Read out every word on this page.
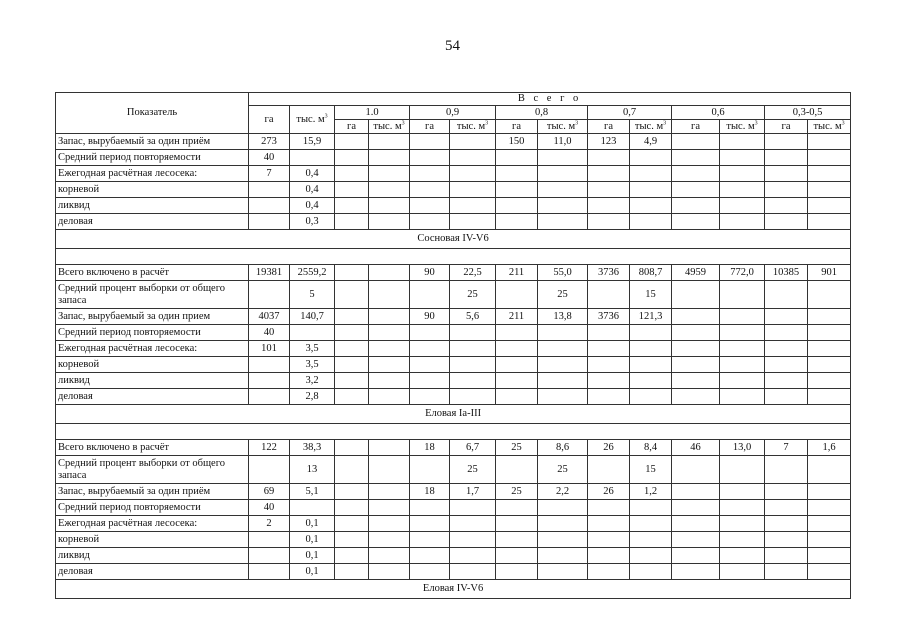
54
Показатель	В с е г о													
	га	тыс. $м^3$	1.0		0,9		0,8		0,7		0,6		0,3-0,5	
			га	тыс. $м^3$	га	тыс. $м^3$	га	тыс. $м^3$	га	тыс. $м^3$	га	тыс. $м^3$	га	тыс. $м^3$
Запас, вырубаемый за один приём	273	15,9					150	11,0	123	4,9				
Средний период повторяемости	40													
Ежегодная расчётная лесосека:	7	0,4												
корневой		0,4												
ликвид		0,4												
деловая		0,3												
Сосновая IV-V6														

Всего включено в расчёт	19381	2559,2			90	22,5	211	55,0	3736	808,7	4959	772,0	10385	901
Средний процент выборки от общего запаса		5				25		25		15				
Запас, вырубаемый за один прием	4037	140,7			90	5,6	211	13,8	3736	121,3				
Средний период повторяемости	40													
Ежегодная расчётная лесосека:	101	3,5												
корневой		3,5												
ликвид		3,2												
деловая		2,8												
Еловая Iа-III														

Всего включено в расчёт	122	38,3			18	6,7	25	8,6	26	8,4	46	13,0	7	1,6
Средний процент выборки от общего запаса		13				25		25		15				
Запас, вырубаемый за один приём	69	5,1			18	1,7	25	2,2	26	1,2				
Средний период повторяемости	40													
Ежегодная расчётная лесосека:	2	0,1												
корневой		0,1												
ликвид		0,1												
деловая		0,1												
Еловая IV-V6														
